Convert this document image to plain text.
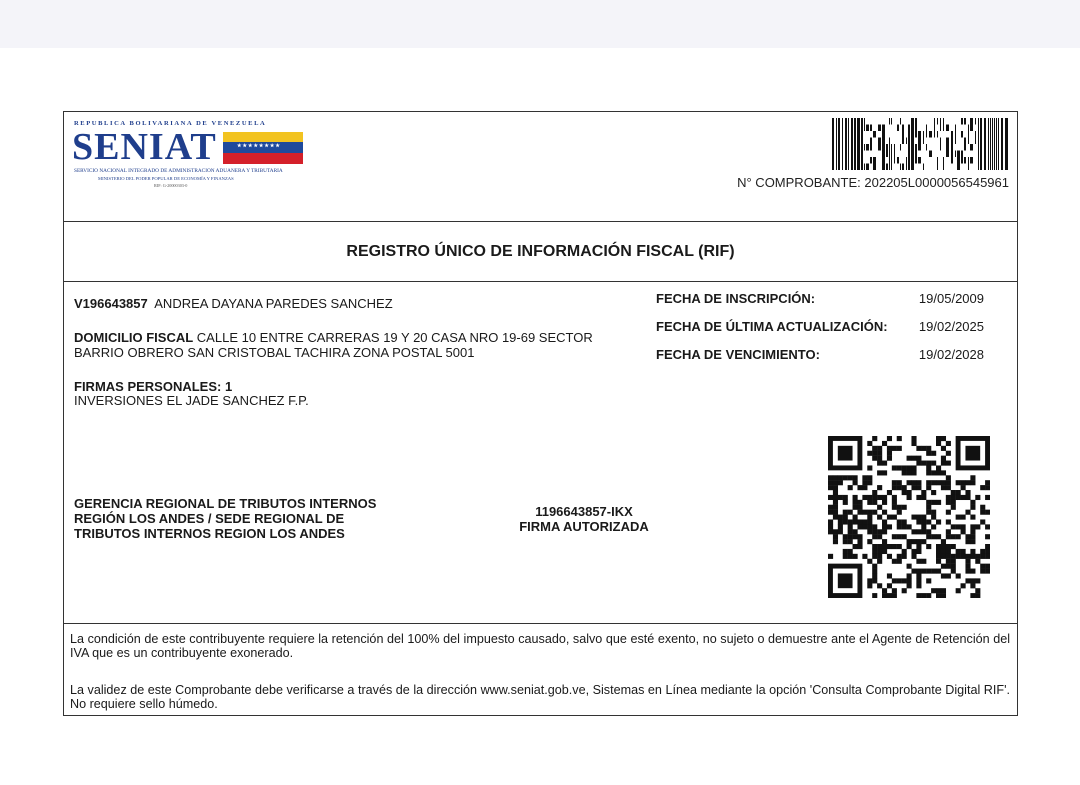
REPUBLICA BOLIVARIANA DE VENEZUELA
SENIAT	★★★★★★★★
SERVICIO NACIONAL INTEGRADO DE ADMINISTRACION ADUANERA Y TRIBUTARIA
MINISTERIO DEL PODER POPULAR DE ECONOMÍA Y FINANZAS
RIF: G-20000303-0	N° COMPROBANTE: 202205L0000056545961
REGISTRO ÚNICO DE INFORMACIÓN FISCAL (RIF)
V196643857 ANDREA DAYANA PAREDES SANCHEZ
DOMICILIO FISCAL CALLE 10 ENTRE CARRERAS 19 Y 20 CASA NRO 19-69 SECTOR
BARRIO OBRERO SAN CRISTOBAL TACHIRA ZONA POSTAL 5001
FIRMAS PERSONALES: 1
INVERSIONES EL JADE SANCHEZ F.P.
FECHA DE INSCRIPCIÓN:	19/05/2009
FECHA DE ÚLTIMA ACTUALIZACIÓN:	19/02/2025
FECHA DE VENCIMIENTO:	19/02/2028
GERENCIA REGIONAL DE TRIBUTOS INTERNOS
REGIÓN LOS ANDES / SEDE REGIONAL DE
TRIBUTOS INTERNOS REGION LOS ANDES
1196643857-IKX
FIRMA AUTORIZADA
La condición de este contribuyente requiere la retención del 100% del impuesto causado, salvo que esté exento, no sujeto o demuestre ante el Agente de Retención del IVA que es un contribuyente exonerado.
La validez de este Comprobante debe verificarse a través de la dirección www.seniat.gob.ve, Sistemas en Línea mediante la opción 'Consulta Comprobante Digital RIF'. No requiere sello húmedo.
